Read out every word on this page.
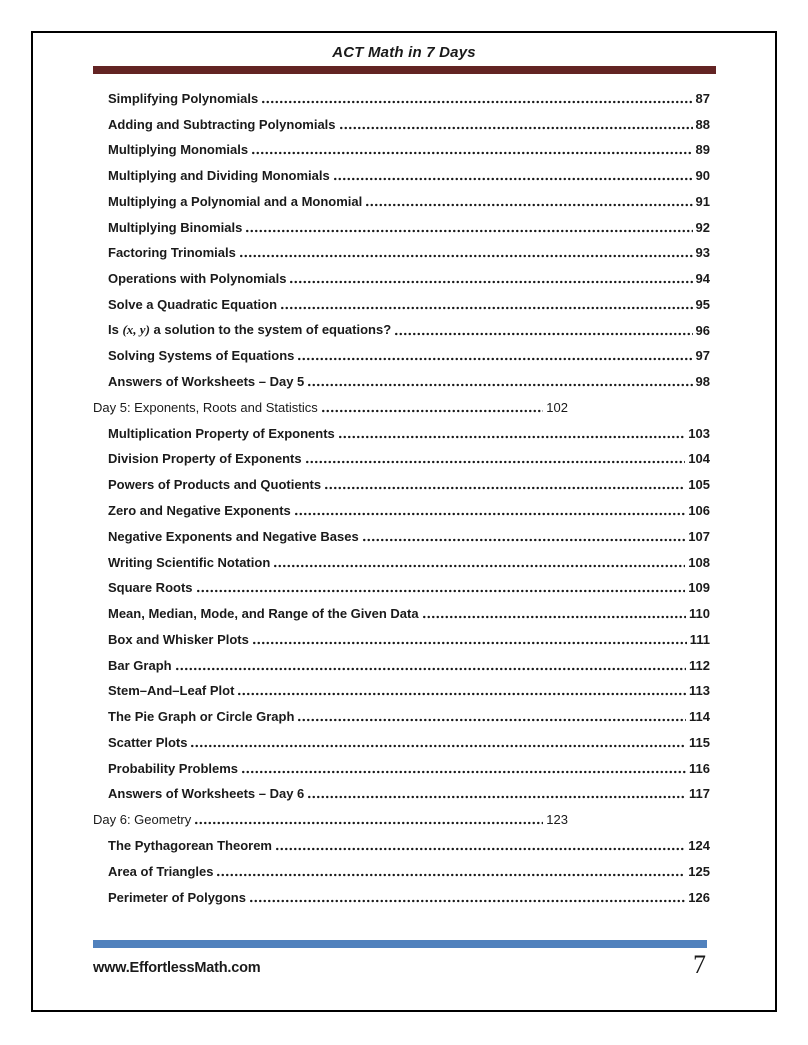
ACT Math in 7 Days
Simplifying Polynomials	87
Adding and Subtracting Polynomials	88
Multiplying Monomials	89
Multiplying and Dividing Monomials	90
Multiplying a Polynomial and a Monomial	91
Multiplying Binomials	92
Factoring Trinomials	93
Operations with Polynomials	94
Solve a Quadratic Equation	95
Is (x, y) a solution to the system of equations?	96
Solving Systems of Equations	97
Answers of Worksheets – Day 5	98
Day 5: Exponents, Roots and Statistics	102
Multiplication Property of Exponents	103
Division Property of Exponents	104
Powers of Products and Quotients	105
Zero and Negative Exponents	106
Negative Exponents and Negative Bases	107
Writing Scientific Notation	108
Square Roots	109
Mean, Median, Mode, and Range of the Given Data	110
Box and Whisker Plots	111
Bar Graph	112
Stem–And–Leaf Plot	113
The Pie Graph or Circle Graph	114
Scatter Plots	115
Probability Problems	116
Answers of Worksheets – Day 6	117
Day 6: Geometry	123
The Pythagorean Theorem	124
Area of Triangles	125
Perimeter of Polygons	126
www.EffortlessMath.com	7
